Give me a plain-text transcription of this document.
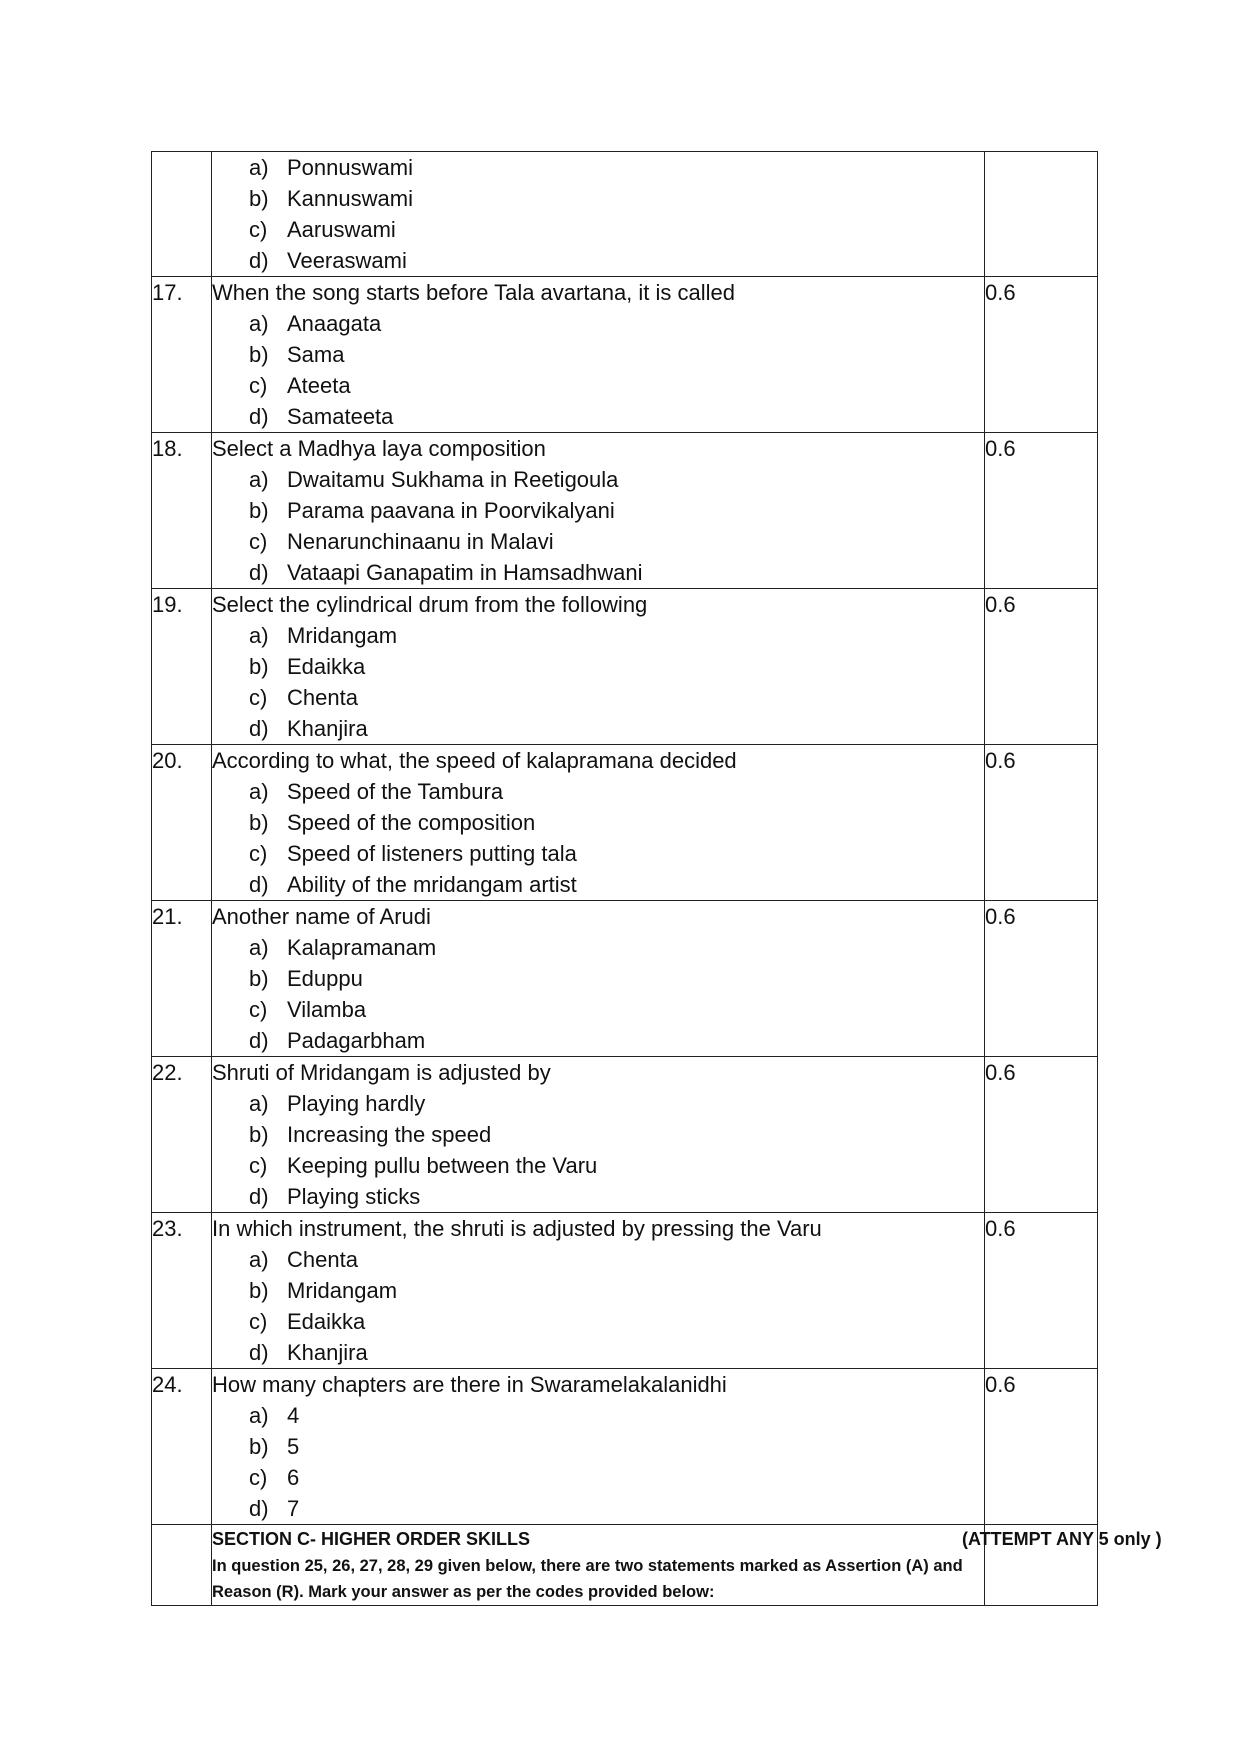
	a) Ponnuswami
b) Kannuswami
c) Aaruswami
d) Veeraswami	

17.	When the song starts before Tala avartana, it is called
a) Anaagata
b) Sama
c) Ateeta
d) Samateeta	0.6
18.	Select a Madhya laya composition
a) Dwaitamu Sukhama in Reetigoula
b) Parama paavana in Poorvikalyani
c) Nenarunchinaanu in Malavi
d) Vataapi Ganapatim in Hamsadhwani	0.6
19.	Select the cylindrical drum from the following
a) Mridangam
b) Edaikka
c) Chenta
d) Khanjira	0.6
20.	According to what, the speed of kalapramana decided
a) Speed of the Tambura
b) Speed of the composition
c) Speed of listeners putting tala
d) Ability of the mridangam artist	0.6
21.	Another name of Arudi
a) Kalapramanam
b) Eduppu
c) Vilamba
d) Padagarbham	0.6
22.	Shruti of Mridangam is adjusted by
a) Playing hardly
b) Increasing the speed
c) Keeping pullu between the Varu
d) Playing sticks	0.6
23.	In which instrument, the shruti is adjusted by pressing the Varu
a) Chenta
b) Mridangam
c) Edaikka
d) Khanjira	0.6
24.	How many chapters are there in Swaramelakalanidhi
a) 4
b) 5
c) 6
d) 7	0.6

	SECTION C- HIGHER ORDER SKILLS (ATTEMPT ANY 5 only )
In question 25, 26, 27, 28, 29 given below, there are two statements marked as Assertion (A) and Reason (R). Mark your answer as per the codes provided below:	
